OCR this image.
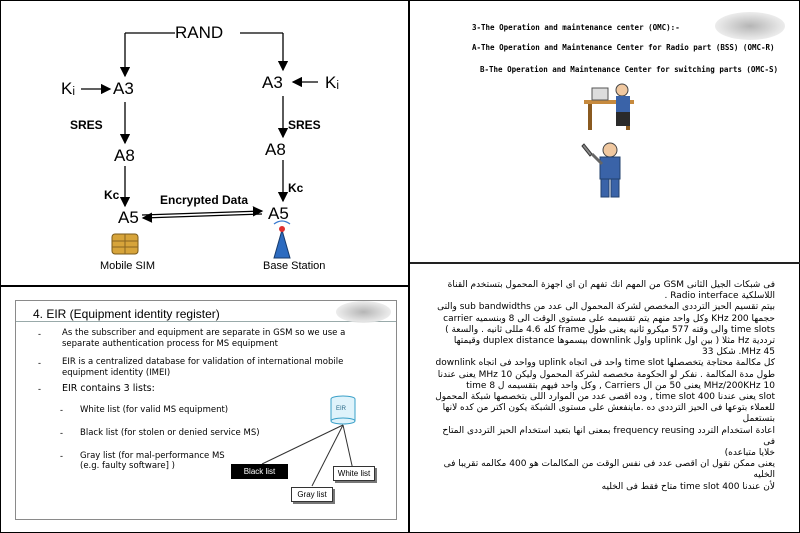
RAND
Kᵢ A3	A3 Kᵢ
SRES	SRES
A8	A8
Kc	Kc
A5	A5
Encrypted Data
Mobile SIM	Base Station
4. EIR (Equipment identity register)
- As the subscriber and equipment are separate in GSM so we use a separate authentication process for MS equipment
- EIR is a centralized database for validation of international mobile equipment identity (IMEI)
- EIR contains 3 lists:
- White list (for valid MS equipment)
- Black list (for stolen or denied service MS)
- Gray list (for mal-performance MS (e.g. faulty software] )
EIR
Black list	White list
Gray list
3-The Operation and maintenance center (OMC):-
A-The Operation and Maintenance Center for Radio part (BSS) (OMC-R)
B-The Operation and Maintenance Center for switching parts (OMC-S)
فى شبكات الجيل الثانى GSM من المهم انك تفهم ان اى اجهزة المحمول بتستخدم القناة
اللاسلكية Radio interface .
بيتم تقسيم الحيز الترددى المخصص لشركة المحمول الى عدد من sub bandwidths والتى
حجمها 200 KHz وكل واحد منهم يتم تقسيمه على مستوى الوقت الى 8 وبنسميه carrier
time slots والى وقته 577 ميكرو ثانيه يعنى طول frame كله 4.6 مللى ثانيه . والسعة )
ترددية Hz مثلا ( بين اول uplink واول downlink بيسموها duplex distance وقيمتها
45 MHz. شكل 33
كل مكالمة محتاجة يتخصصلها time slot واحد فى اتجاه uplink وواحد فى اتجاه downlink
طول مدة المكالمة . نفكر لو الحكومة مخصصه لشركة المحمول وليكن 10 MHz يعنى عندنا
10 MHz/200KHz يعنى 50 من ال Carriers , وكل واحد فيهم بتقسيمه ل 8 time
slot يعنى عندنا 400 time slot , وده اقصى عدد من الموارد اللى بتخصصها شبكة المحمول
للعملاء بتوعها فى الحيز الترددى ده .ماينفعش على مستوى الشبكة يكون اكتر من كده لانها بتستعمل
اعادة استخدام التردد frequency reusing بمعنى انها بتعيد استخدام الحيز الترددى المتاح فى
خلايا متباعده)
يعنى ممكن نقول ان اقصى عدد فى نفس الوقت من المكالمات هو 400 مكالمه تقريبا فى الخليه
لأن عندنا 400 time slot متاح فقط فى الخليه
